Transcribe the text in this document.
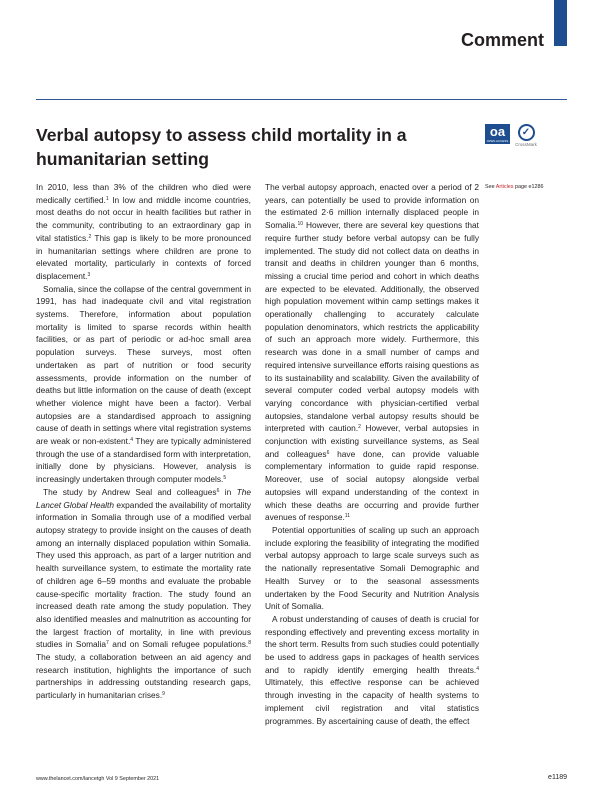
Comment
Verbal autopsy to assess child mortality in a humanitarian setting
oa
OPEN ACCESS
✓
CrossMark
See Articles page e1286

In 2010, less than 3% of the children who died were medically certified.$^1$ In low and middle income countries, most deaths do not occur in health facilities but rather in the community, contributing to an extraordinary gap in vital statistics.$^2$ This gap is likely to be more pronounced in humanitarian settings where children are prone to elevated mortality, particularly in contexts of forced displacement.$^3$

Somalia, since the collapse of the central government in 1991, has had inadequate civil and vital registration systems. Therefore, information about population mortality is limited to sparse records within health facilities, or as part of periodic or ad-hoc small area population surveys. These surveys, most often undertaken as part of nutrition or food security assessments, provide information on the number of deaths but little information on the cause of death (except whether violence might have been a factor). Verbal autopsies are a standardised approach to assigning cause of death in settings where vital registration systems are weak or non-existent.$^4$ They are typically administered through the use of a standardised form with interpretation, initially done by physicians. However, analysis is increasingly undertaken through computer models.$^5$

The study by Andrew Seal and colleagues$^6$ in The Lancet Global Health expanded the availability of mortality information in Somalia through use of a modified verbal autopsy strategy to provide insight on the causes of death among an internally displaced population within Somalia. They used this approach, as part of a larger nutrition and health surveillance system, to estimate the mortality rate of children age 6–59 months and evaluate the probable cause-specific mortality fraction. The study found an increased death rate among the study population. They also identified measles and malnutrition as accounting for the largest fraction of mortality, in line with previous studies in Somalia$^7$ and on Somali refugee populations.$^8$ The study, a collaboration between an aid agency and research institution, highlights the importance of such partnerships in addressing outstanding research gaps, particularly in humanitarian crises.$^9$

The verbal autopsy approach, enacted over a period of 2 years, can potentially be used to provide information on the estimated 2·6 million internally displaced people in Somalia.$^{10}$ However, there are several key questions that require further study before verbal autopsy can be fully implemented. The study did not collect data on deaths in transit and deaths in children younger than 6 months, missing a crucial time period and cohort in which deaths are expected to be elevated. Additionally, the observed high population movement within camp settings makes it operationally challenging to accurately calculate population denominators, which restricts the applicability of such an approach more widely. Furthermore, this research was done in a small number of camps and required intensive surveillance efforts raising questions as to its sustainability and scalability. Given the availability of several computer coded verbal autopsy models with varying concordance with physician-certified verbal autopsies, standalone verbal autopsy results should be interpreted with caution.$^2$ However, verbal autopsies in conjunction with existing surveillance systems, as Seal and colleagues$^6$ have done, can provide valuable complementary information to guide rapid response. Moreover, use of social autopsy alongside verbal autopsies will expand understanding of the context in which these deaths are occurring and provide further avenues of response.$^{11}$

Potential opportunities of scaling up such an approach include exploring the feasibility of integrating the modified verbal autopsy approach to large scale surveys such as the nationally representative Somali Demographic and Health Survey or to the seasonal assessments undertaken by the Food Security and Nutrition Analysis Unit of Somalia.

A robust understanding of causes of death is crucial for responding effectively and preventing excess mortality in the short term. Results from such studies could potentially be used to address gaps in packages of health services and to rapidly identify emerging health threats.$^4$ Ultimately, this effective response can be achieved through investing in the capacity of health systems to implement civil registration and vital statistics programmes. By ascertaining cause of death, the effect

www.thelancet.com/lancetgh Vol 9 September 2021	e1189
